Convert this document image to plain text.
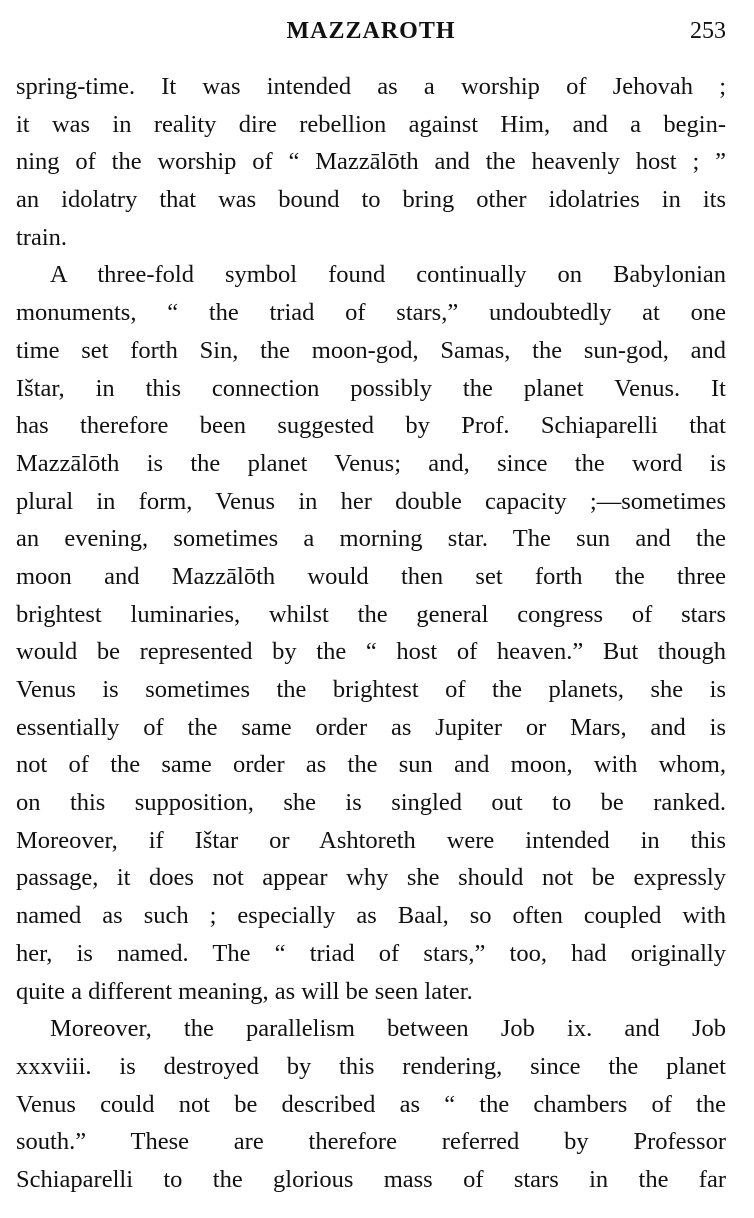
MAZZAROTH	253
spring-time. It was intended as a worship of Jehovah ;
it was in reality dire rebellion against Him, and a begin-
ning of the worship of “ Mazzālōth and the heavenly host ; ”
an idolatry that was bound to bring other idolatries in its
train.
A three-fold symbol found continually on Babylonian
monuments, “ the triad of stars,” undoubtedly at one
time set forth Sin, the moon-god, Samas, the sun-god, and
Ištar, in this connection possibly the planet Venus. It
has therefore been suggested by Prof. Schiaparelli that
Mazzālōth is the planet Venus; and, since the word is
plural in form, Venus in her double capacity ;—sometimes
an evening, sometimes a morning star. The sun and the
moon and Mazzālōth would then set forth the three
brightest luminaries, whilst the general congress of stars
would be represented by the “ host of heaven.” But though
Venus is sometimes the brightest of the planets, she is
essentially of the same order as Jupiter or Mars, and is
not of the same order as the sun and moon, with whom,
on this supposition, she is singled out to be ranked.
Moreover, if Ištar or Ashtoreth were intended in this
passage, it does not appear why she should not be expressly
named as such ; especially as Baal, so often coupled with
her, is named. The “ triad of stars,” too, had originally
quite a different meaning, as will be seen later.
Moreover, the parallelism between Job ix. and Job
xxxviii. is destroyed by this rendering, since the planet
Venus could not be described as “ the chambers of the
south.” These are therefore referred by Professor
Schiaparelli to the glorious mass of stars in the far
